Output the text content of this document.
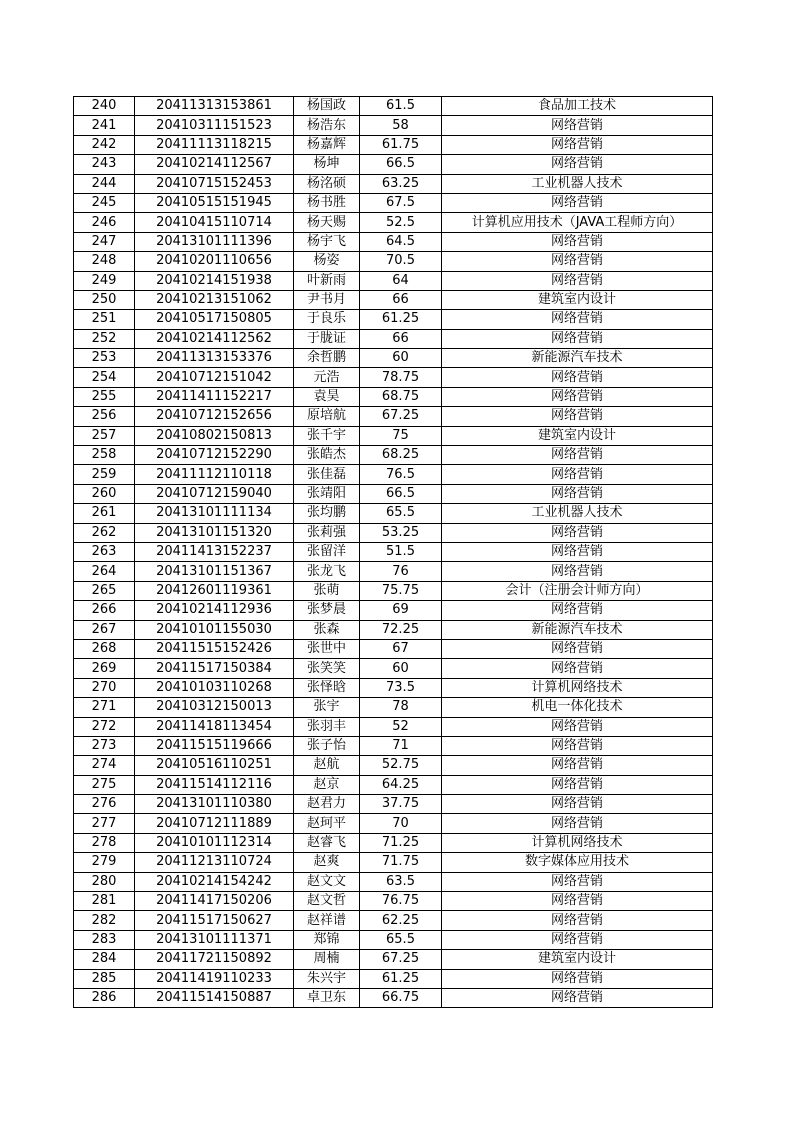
240	20411313153861	杨国政	61.5	食品加工技术
241	20410311151523	杨浩东	58	网络营销
242	20411113118215	杨嘉辉	61.75	网络营销
243	20410214112567	杨坤	66.5	网络营销
244	20410715152453	杨洺硕	63.25	工业机器人技术
245	20410515151945	杨书胜	67.5	网络营销
246	20410415110714	杨天赐	52.5	计算机应用技术（JAVA工程师方向）
247	20413101111396	杨宇飞	64.5	网络营销
248	20410201110656	杨姿	70.5	网络营销
249	20410214151938	叶新雨	64	网络营销
250	20410213151062	尹书月	66	建筑室内设计
251	20410517150805	于良乐	61.25	网络营销
252	20410214112562	于胧证	66	网络营销
253	20411313153376	余哲鹏	60	新能源汽车技术
254	20410712151042	元浩	78.75	网络营销
255	20411411152217	袁昊	68.75	网络营销
256	20410712152656	原培航	67.25	网络营销
257	20410802150813	张千宇	75	建筑室内设计
258	20410712152290	张皓杰	68.25	网络营销
259	20411112110118	张佳磊	76.5	网络营销
260	20410712159040	张靖阳	66.5	网络营销
261	20413101111134	张均鹏	65.5	工业机器人技术
262	20413101151320	张莉强	53.25	网络营销
263	20411413152237	张留洋	51.5	网络营销
264	20413101151367	张龙飞	76	网络营销
265	20412601119361	张萌	75.75	会计（注册会计师方向）
266	20410214112936	张梦晨	69	网络营销
267	20410101155030	张森	72.25	新能源汽车技术
268	20411515152426	张世中	67	网络营销
269	20411517150384	张笑笑	60	网络营销
270	20410103110268	张怿晗	73.5	计算机网络技术
271	20410312150013	张宇	78	机电一体化技术
272	20411418113454	张羽丰	52	网络营销
273	20411515119666	张子怡	71	网络营销
274	20410516110251	赵航	52.75	网络营销
275	20411514112116	赵京	64.25	网络营销
276	20413101110380	赵君力	37.75	网络营销
277	20410712111889	赵珂平	70	网络营销
278	20410101112314	赵睿飞	71.25	计算机网络技术
279	20411213110724	赵爽	71.75	数字媒体应用技术
280	20410214154242	赵文文	63.5	网络营销
281	20411417150206	赵文哲	76.75	网络营销
282	20411517150627	赵祥谱	62.25	网络营销
283	20413101111371	郑锦	65.5	网络营销
284	20411721150892	周楠	67.25	建筑室内设计
285	20411419110233	朱兴宇	61.25	网络营销
286	20411514150887	卓卫东	66.75	网络营销
